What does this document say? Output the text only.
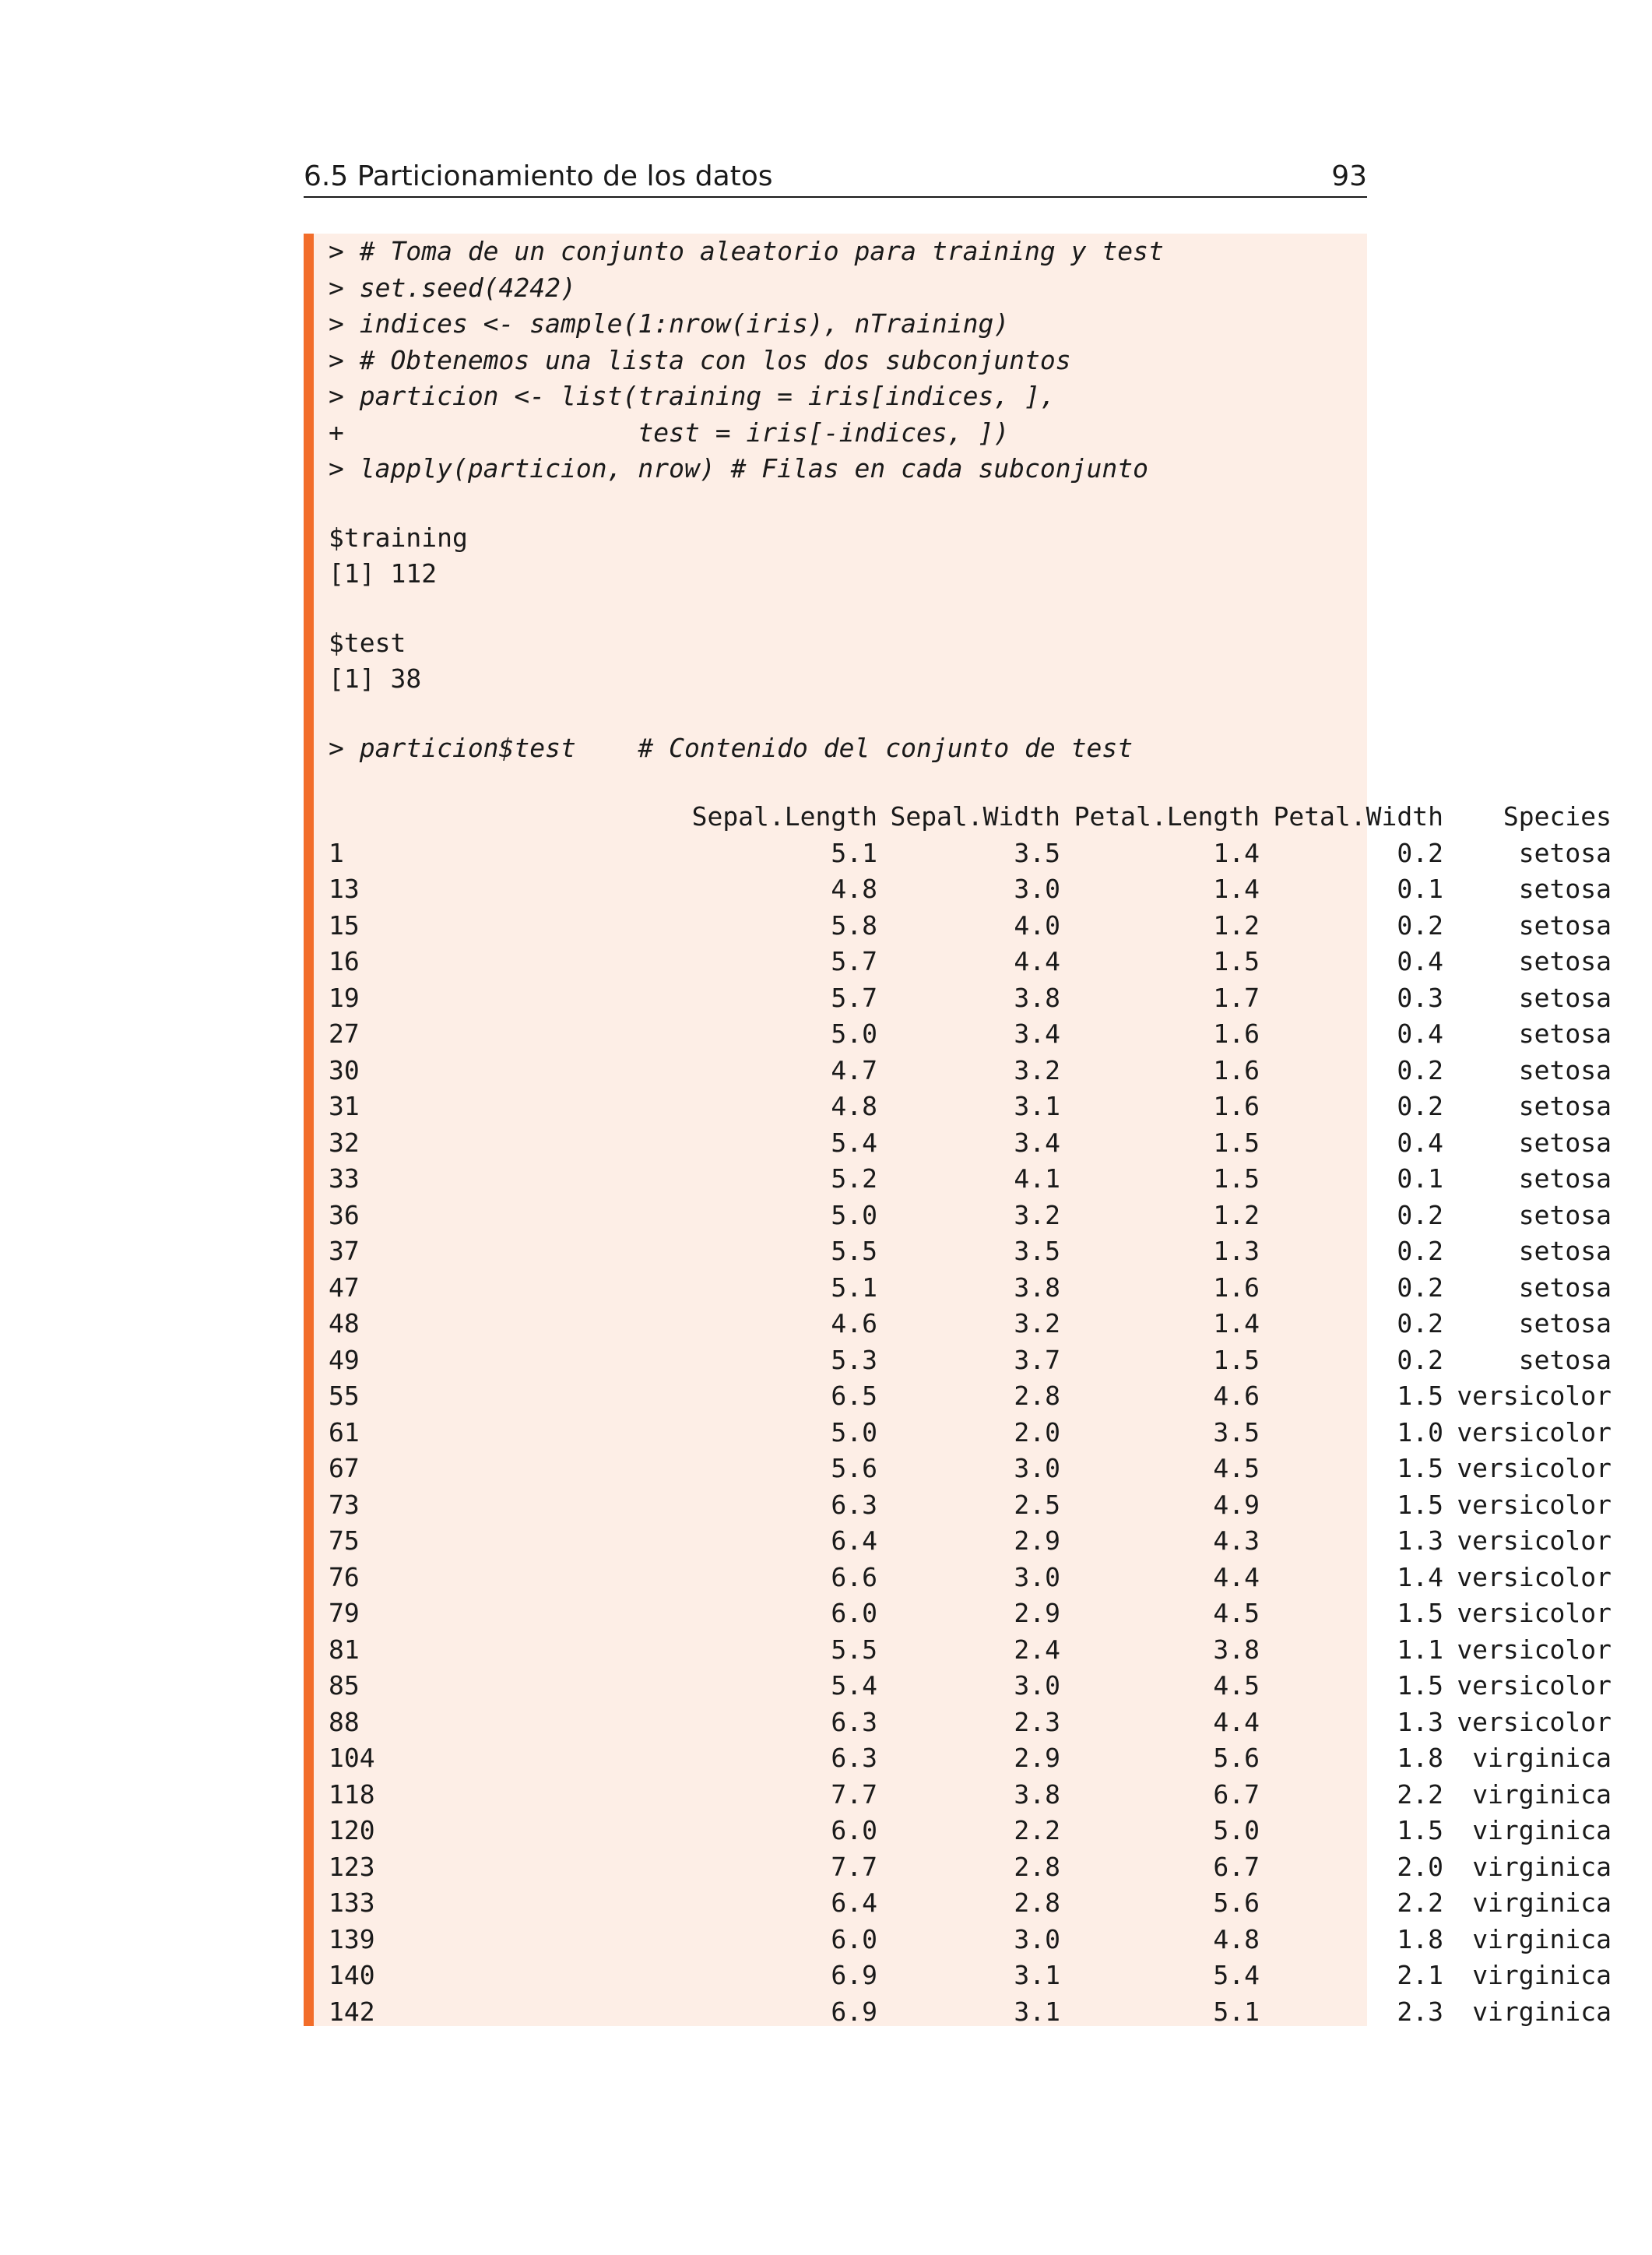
6.5 Particionamiento de los datos	93
> # Toma de un conjunto aleatorio para training y test
> set.seed(4242)
> indices <- sample(1:nrow(iris), nTraining)
> # Obtenemos una lista con los dos subconjuntos
> particion <- list(training = iris[indices, ],
+                   test = iris[-indices, ])
> lapply(particion, nrow) # Filas en cada subconjunto
$training
[1] 112
$test
[1] 38
> particion$test    # Contenido del conjunto de test
Sepal.Length Sepal.Width Petal.Length Petal.Width Species
1	5.1	3.5	1.4	0.2	setosa
13	4.8	3.0	1.4	0.1	setosa
15	5.8	4.0	1.2	0.2	setosa
16	5.7	4.4	1.5	0.4	setosa
19	5.7	3.8	1.7	0.3	setosa
27	5.0	3.4	1.6	0.4	setosa
30	4.7	3.2	1.6	0.2	setosa
31	4.8	3.1	1.6	0.2	setosa
32	5.4	3.4	1.5	0.4	setosa
33	5.2	4.1	1.5	0.1	setosa
36	5.0	3.2	1.2	0.2	setosa
37	5.5	3.5	1.3	0.2	setosa
47	5.1	3.8	1.6	0.2	setosa
48	4.6	3.2	1.4	0.2	setosa
49	5.3	3.7	1.5	0.2	setosa
55	6.5	2.8	4.6	1.5 versicolor
61	5.0	2.0	3.5	1.0 versicolor
67	5.6	3.0	4.5	1.5 versicolor
73	6.3	2.5	4.9	1.5 versicolor
75	6.4	2.9	4.3	1.3 versicolor
76	6.6	3.0	4.4	1.4 versicolor
79	6.0	2.9	4.5	1.5 versicolor
81	5.5	2.4	3.8	1.1 versicolor
85	5.4	3.0	4.5	1.5 versicolor
88	6.3	2.3	4.4	1.3 versicolor
104	6.3	2.9	5.6	1.8 virginica
118	7.7	3.8	6.7	2.2 virginica
120	6.0	2.2	5.0	1.5 virginica
123	7.7	2.8	6.7	2.0 virginica
133	6.4	2.8	5.6	2.2 virginica
139	6.0	3.0	4.8	1.8 virginica
140	6.9	3.1	5.4	2.1 virginica
142	6.9	3.1	5.1	2.3 virginica
